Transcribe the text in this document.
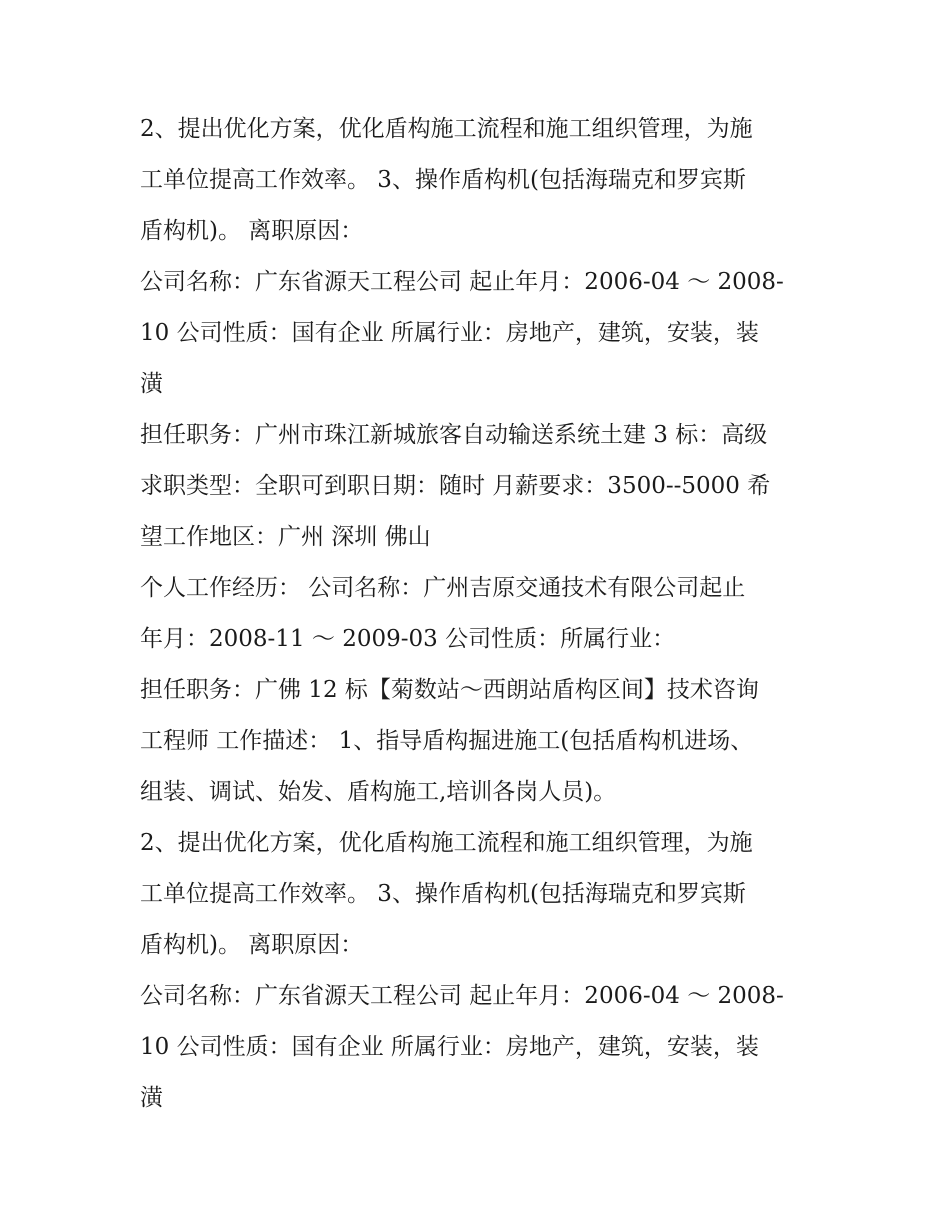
2、提出优化方案，优化盾构施工流程和施工组织管理，为施
工单位提高工作效率。 3、操作盾构机(包括海瑞克和罗宾斯
盾构机)。 离职原因：
公司名称：广东省源天工程公司 起止年月：2006-04 ～ 2008-
10 公司性质：国有企业 所属行业：房地产，建筑，安装，装
潢
担任职务：广州市珠江新城旅客自动输送系统土建 3 标：高级
求职类型：全职可到职日期：随时 月薪要求：3500--5000 希
望工作地区：广州 深圳 佛山
个人工作经历： 公司名称：广州吉原交通技术有限公司起止
年月：2008-11 ～ 2009-03 公司性质：所属行业：
担任职务：广佛 12 标【菊数站～西朗站盾构区间】技术咨询
工程师 工作描述： 1、指导盾构掘进施工(包括盾构机进场、
组装、调试、始发、盾构施工,培训各岗人员)。
2、提出优化方案，优化盾构施工流程和施工组织管理，为施
工单位提高工作效率。 3、操作盾构机(包括海瑞克和罗宾斯
盾构机)。 离职原因：
公司名称：广东省源天工程公司 起止年月：2006-04 ～ 2008-
10 公司性质：国有企业 所属行业：房地产，建筑，安装，装
潢
